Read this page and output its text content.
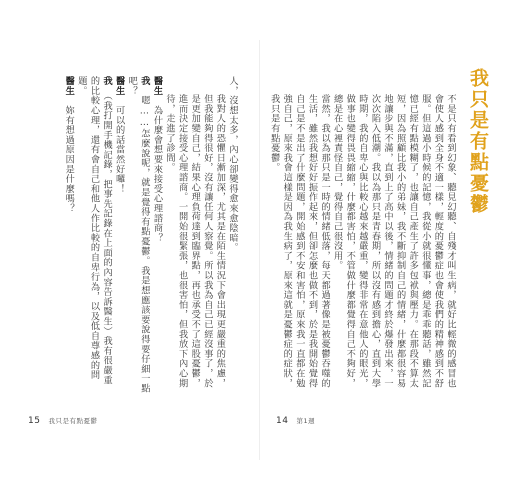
人，沒想太多，內心卻變得愈來愈陰暗。

我對人的恐懼日漸加深，尤其是在陌生情況下會出現更嚴重的焦慮，但我能夠得很好，沒有讓任何人察覺。所以我為自己已經沒事了，於是更加變自己，結果心理負荷達到臨界點，再也承受不了這股憂鬱，進而決定接受心理諮商。一開始很緊張，也很害怕，但我放下內心期待，走進了診間。

醫生　為什麼會想要來接受心理諮商？

我　嗯……怎麼說呢，就是覺得有點憂鬱。我是想應該要說得要仔細一點吧？

醫生　可以的話當然好囉！

我　（我打開手機記錄，把事先記錄在上面的內容告訴醫生）我有很嚴重的比較心理，還有會自己和他人作比較的自卑行為，以及低自尊感的問題。

醫生　妳有想過原因是什麼嗎？

15 我只是有點憂鬱
我只是有點憂鬱

不是只有看到幻象、聽見幻聽、自殘才叫生病，就好比輕微的感冒也會使人感到全身不適一樣，輕度的憂鬱症也會使我們的精神感到不舒服。但這過小時候的記憶，我從小就很懂事，總是乖乖聽話，雖然記憶已經有點模糊了，也讓自己產生了許多包袱與壓力。在那段不算太短，因為照顧比我小的弟妹，我不斷抑制自己的情緒，什麼都很容易地讓步與不滿，直到上了高中以後，情緒的問題才終於爆發出來，一次次陷入低潮。我以為那只是青春期，所以沒有感到擔心，直到大學時期，我的自卑心與比較心越來越嚴重，變得非常在意他人的眼光，做事也變得畏畏縮縮，什麼都害怕，不管做什麼都覺得自己不夠好，總是在心裡責怪自己，覺得自己很沒用。

當然，我以為那只是一時的情緒低落，每天都過著像是被憂鬱吞噬的生活，雖然我想好好振作起來，但卻怎麼也做不到，於是我開始覺得自己是不是出了什麼問題，開始感到不安和害怕，原來我一直都在勉強自己，原來我會這樣是因為我生病了，原來這就是憂鬱症的症狀，我只是有點憂鬱。

14 第1週
